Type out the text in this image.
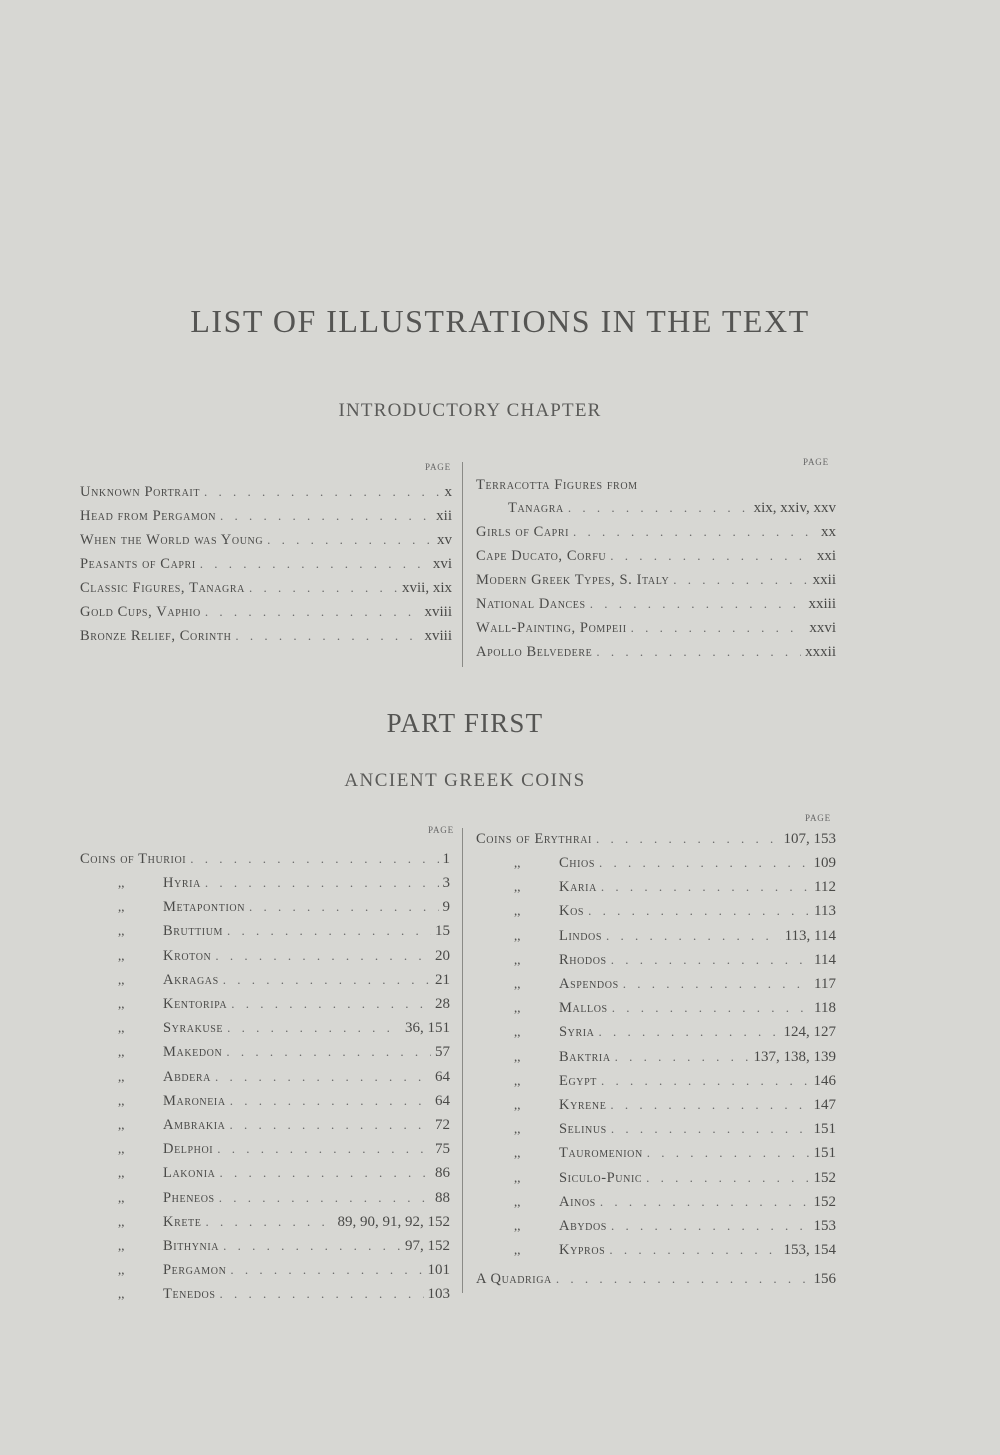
LIST OF ILLUSTRATIONS IN THE TEXT
INTRODUCTORY CHAPTER
PAGE
Unknown Portrait . . .	x
Head from Pergamon . . .	xii
When the World was Young . . .	xv
Peasants of Capri . . .	xvi
Classic Figures, Tanagra . . .	xvii, xix
Gold Cups, Vaphio . . .	xviii
Bronze Relief, Corinth . . .	xviii
PAGE
Terracotta Figures from
Tanagra . . .	xix, xxiv, xxv
Girls of Capri . . .	xx
Cape Ducato, Corfu . . .	xxi
Modern Greek Types, S. Italy . . .	xxii
National Dances . . .	xxiii
Wall-Painting, Pompeii . . .	xxvi
Apollo Belvedere . . .	xxxii
PART FIRST
ANCIENT GREEK COINS
PAGE
Coins of Thurioi . . .	1
,,	Hyria . . .	3
,,	Metapontion . . .	9
,,	Bruttium . . .	15
,,	Kroton . . .	20
,,	Akragas . . .	21
,,	Kentoripa . . .	28
,,	Syrakuse . . .	36, 151
,,	Makedon . . .	57
,,	Abdera . . .	64
,,	Maroneia . . .	64
,,	Ambrakia . . .	72
,,	Delphoi . . .	75
,,	Lakonia . . .	86
,,	Pheneos . . .	88
,,	Krete . . .	89, 90, 91, 92, 152
,,	Bithynia . . .	97, 152
,,	Pergamon . . .	101
,,	Tenedos . . .	103
PAGE
Coins of Erythrai . . .	107, 153
,,	Chios . . .	109
,,	Karia . . .	112
,,	Kos . . .	113
,,	Lindos . . .	113, 114
,,	Rhodos . . .	114
,,	Aspendos . . .	117
,,	Mallos . . .	118
,,	Syria . . .	124, 127
,,	Baktria . . .	137, 138, 139
,,	Egypt . . .	146
,,	Kyrene . . .	147
,,	Selinus . . .	151
,,	Tauromenion . . .	151
,,	Siculo-Punic . . .	152
,,	Ainos . . .	152
,,	Abydos . . .	153
,,	Kypros . . .	153, 154
A Quadriga . . .	156
